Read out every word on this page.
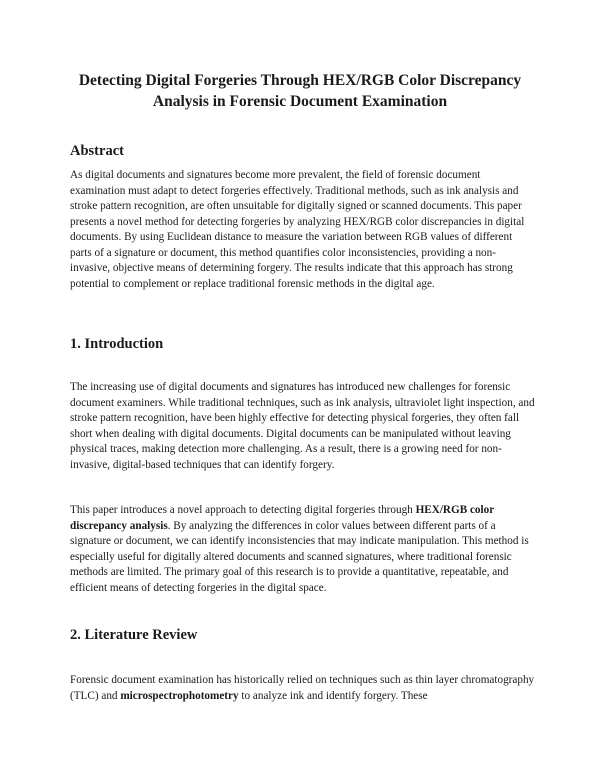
Detecting Digital Forgeries Through HEX/RGB Color Discrepancy
Analysis in Forensic Document Examination
Abstract

As digital documents and signatures become more prevalent, the field of forensic document examination must adapt to detect forgeries effectively. Traditional methods, such as ink analysis and stroke pattern recognition, are often unsuitable for digitally signed or scanned documents. This paper presents a novel method for detecting forgeries by analyzing HEX/RGB color discrepancies in digital documents. By using Euclidean distance to measure the variation between RGB values of different parts of a signature or document, this method quantifies color inconsistencies, providing a non-invasive, objective means of determining forgery. The results indicate that this approach has strong potential to complement or replace traditional forensic methods in the digital age.

1. Introduction

The increasing use of digital documents and signatures has introduced new challenges for forensic document examiners. While traditional techniques, such as ink analysis, ultraviolet light inspection, and stroke pattern recognition, have been highly effective for detecting physical forgeries, they often fall short when dealing with digital documents. Digital documents can be manipulated without leaving physical traces, making detection more challenging. As a result, there is a growing need for non-invasive, digital-based techniques that can identify forgery.

This paper introduces a novel approach to detecting digital forgeries through HEX/RGB color discrepancy analysis. By analyzing the differences in color values between different parts of a signature or document, we can identify inconsistencies that may indicate manipulation. This method is especially useful for digitally altered documents and scanned signatures, where traditional forensic methods are limited. The primary goal of this research is to provide a quantitative, repeatable, and efficient means of detecting forgeries in the digital space.

2. Literature Review

Forensic document examination has historically relied on techniques such as thin layer chromatography (TLC) and microspectrophotometry to analyze ink and identify forgery. These
